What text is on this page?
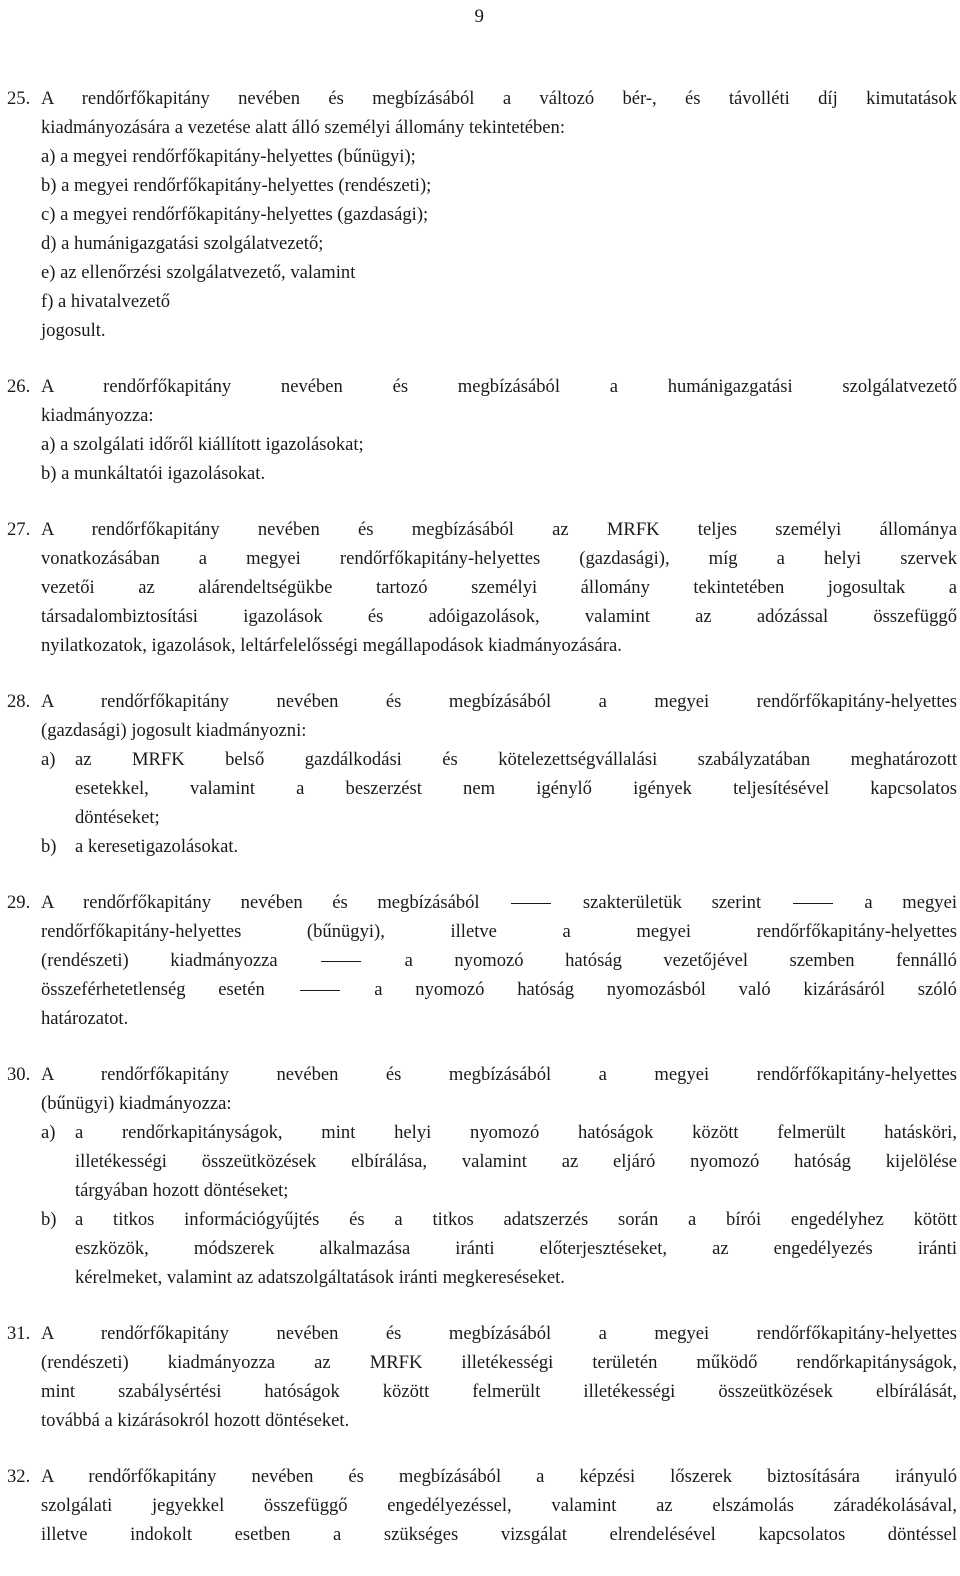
9
25. A rendőrfőkapitány nevében és megbízásából a változó bér-, és távolléti díj kimutatások
kiadmányozására a vezetése alatt álló személyi állomány tekintetében:
a) a megyei rendőrfőkapitány-helyettes (bűnügyi);
b) a megyei rendőrfőkapitány-helyettes (rendészeti);
c) a megyei rendőrfőkapitány-helyettes (gazdasági);
d) a humánigazgatási szolgálatvezető;
e) az ellenőrzési szolgálatvezető, valamint
f) a hivatalvezető
jogosult.
26. A rendőrfőkapitány nevében és megbízásából a humánigazgatási szolgálatvezető
kiadmányozza:
a) a szolgálati időről kiállított igazolásokat;
b) a munkáltatói igazolásokat.
27. A rendőrfőkapitány nevében és megbízásából az MRFK teljes személyi állománya
vonatkozásában a megyei rendőrfőkapitány-helyettes (gazdasági), míg a helyi szervek
vezetői az alárendeltségükbe tartozó személyi állomány tekintetében jogosultak a
társadalombiztosítási igazolások és adóigazolások, valamint az adózással összefüggő
nyilatkozatok, igazolások, leltárfelelősségi megállapodások kiadmányozására.
28. A rendőrfőkapitány nevében és megbízásából a megyei rendőrfőkapitány-helyettes
(gazdasági) jogosult kiadmányozni:
a) az MRFK belső gazdálkodási és kötelezettségvállalási szabályzatában meghatározott
esetekkel, valamint a beszerzést nem igénylő igények teljesítésével kapcsolatos
döntéseket;
b) a keresetigazolásokat.
29. A rendőrfőkapitány nevében és megbízásából	szakterületük szerint	a megyei
rendőrfőkapitány-helyettes (bűnügyi), illetve a megyei rendőrfőkapitány-helyettes
(rendészeti) kiadmányozza	a nyomozó hatóság vezetőjével szemben fennálló
összeférhetetlenség esetén	a nyomozó hatóság nyomozásból való kizárásáról szóló
határozatot.
30. A rendőrfőkapitány nevében és megbízásából a megyei rendőrfőkapitány-helyettes
(bűnügyi) kiadmányozza:
a) a rendőrkapitányságok, mint helyi nyomozó hatóságok között felmerült hatásköri,
illetékességi összeütközések elbírálása, valamint az eljáró nyomozó hatóság kijelölése
tárgyában hozott döntéseket;
b) a titkos információgyűjtés és a titkos adatszerzés során a bírói engedélyhez kötött
eszközök, módszerek alkalmazása iránti előterjesztéseket, az engedélyezés iránti
kérelmeket, valamint az adatszolgáltatások iránti megkereséseket.
31. A rendőrfőkapitány nevében és megbízásából a megyei rendőrfőkapitány-helyettes
(rendészeti) kiadmányozza az MRFK illetékességi területén működő rendőrkapitányságok,
mint szabálysértési hatóságok között felmerült illetékességi összeütközések elbírálását,
továbbá a kizárásokról hozott döntéseket.
32. A rendőrfőkapitány nevében és megbízásából a képzési lőszerek biztosítására irányuló
szolgálati jegyekkel összefüggő engedélyezéssel, valamint az elszámolás záradékolásával,
illetve indokolt esetben a szükséges vizsgálat elrendelésével kapcsolatos döntéssel
